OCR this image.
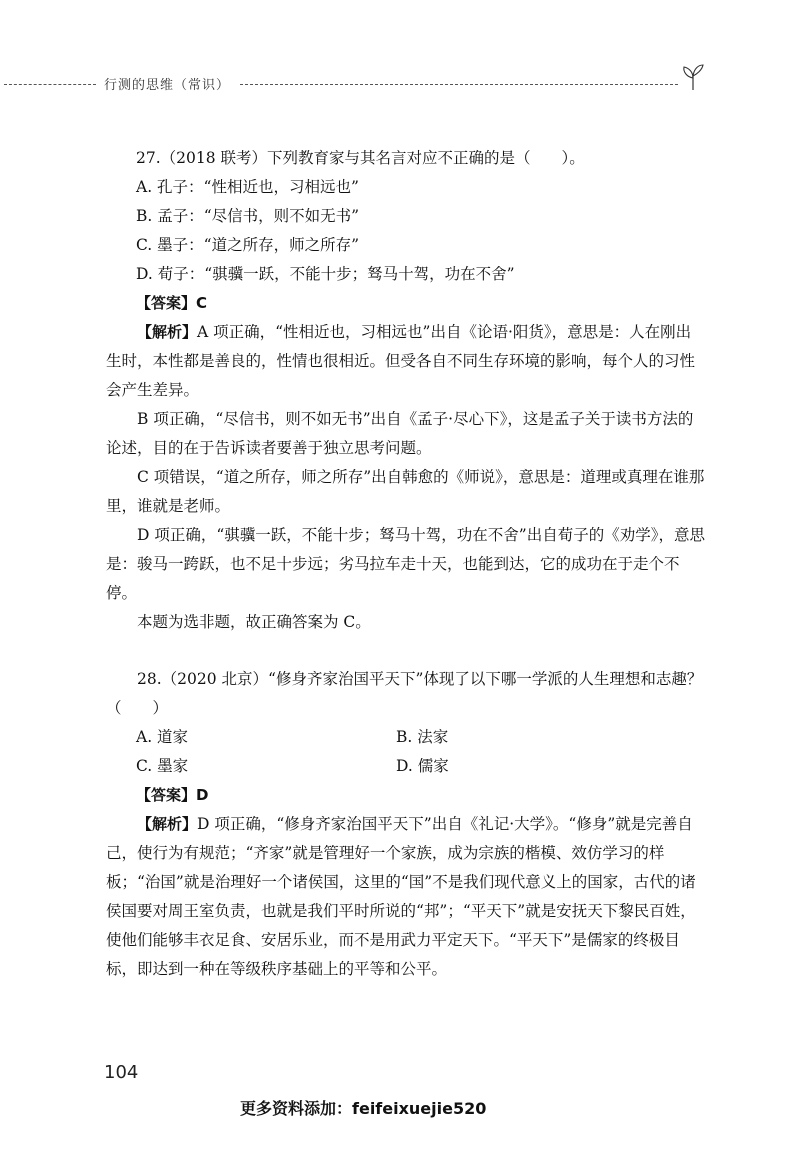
行测的思维（常识）

27.（2018 联考）下列教育家与其名言对应不正确的是（　　）。

A. 孔子：“性相近也，习相远也”

B. 孟子：“尽信书，则不如无书”

C. 墨子：“道之所存，师之所存”

D. 荀子：“骐骥一跃，不能十步；驽马十驾，功在不舍”

【答案】C

【解析】A 项正确，“性相近也，习相远也”出自《论语·阳货》，意思是：人在刚出生时，本性都是善良的，性情也很相近。但受各自不同生存环境的影响，每个人的习性会产生差异。

B 项正确，“尽信书，则不如无书”出自《孟子·尽心下》，这是孟子关于读书方法的论述，目的在于告诉读者要善于独立思考问题。

C 项错误，“道之所存，师之所存”出自韩愈的《师说》，意思是：道理或真理在谁那里，谁就是老师。

D 项正确，“骐骥一跃，不能十步；驽马十驾，功在不舍”出自荀子的《劝学》，意思是：骏马一跨跃，也不足十步远；劣马拉车走十天，也能到达，它的成功在于走个不停。

本题为选非题，故正确答案为 C。

28.（2020 北京）“修身齐家治国平天下”体现了以下哪一学派的人生理想和志趣？（　　）

A. 道家	B. 法家
C. 墨家	D. 儒家

【答案】D

【解析】D 项正确，“修身齐家治国平天下”出自《礼记·大学》。“修身”就是完善自己，使行为有规范；“齐家”就是管理好一个家族，成为宗族的楷模、效仿学习的样板；“治国”就是治理好一个诸侯国，这里的“国”不是我们现代意义上的国家，古代的诸侯国要对周王室负责，也就是我们平时所说的“邦”；“平天下”就是安抚天下黎民百姓，使他们能够丰衣足食、安居乐业，而不是用武力平定天下。“平天下”是儒家的终极目标，即达到一种在等级秩序基础上的平等和公平。

104
更多资料添加：feifeixuejie520
